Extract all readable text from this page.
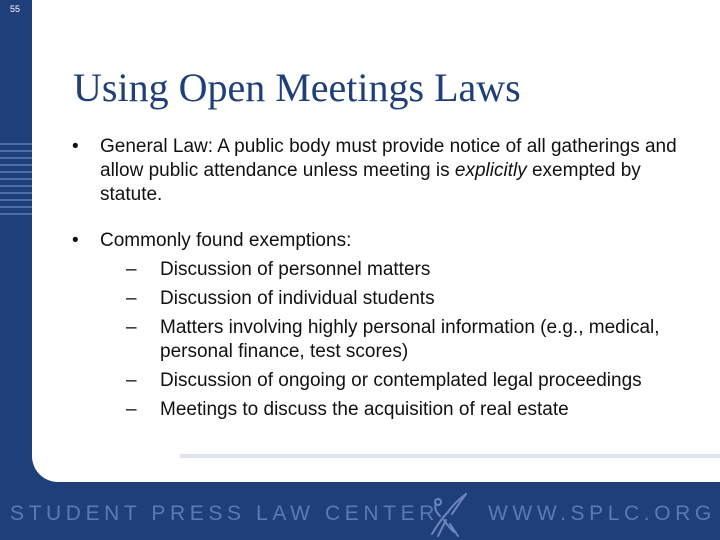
55
Using Open Meetings Laws
• General Law: A public body must provide notice of all gatherings and allow public attendance unless meeting is explicitly exempted by statute.
• Commonly found exemptions:
– Discussion of personnel matters
– Discussion of individual students
– Matters involving highly personal information (e.g., medical, personal finance, test scores)
– Discussion of ongoing or contemplated legal proceedings
– Meetings to discuss the acquisition of real estate
STUDENT PRESS LAW CENTER WWW.SPLC.ORG
